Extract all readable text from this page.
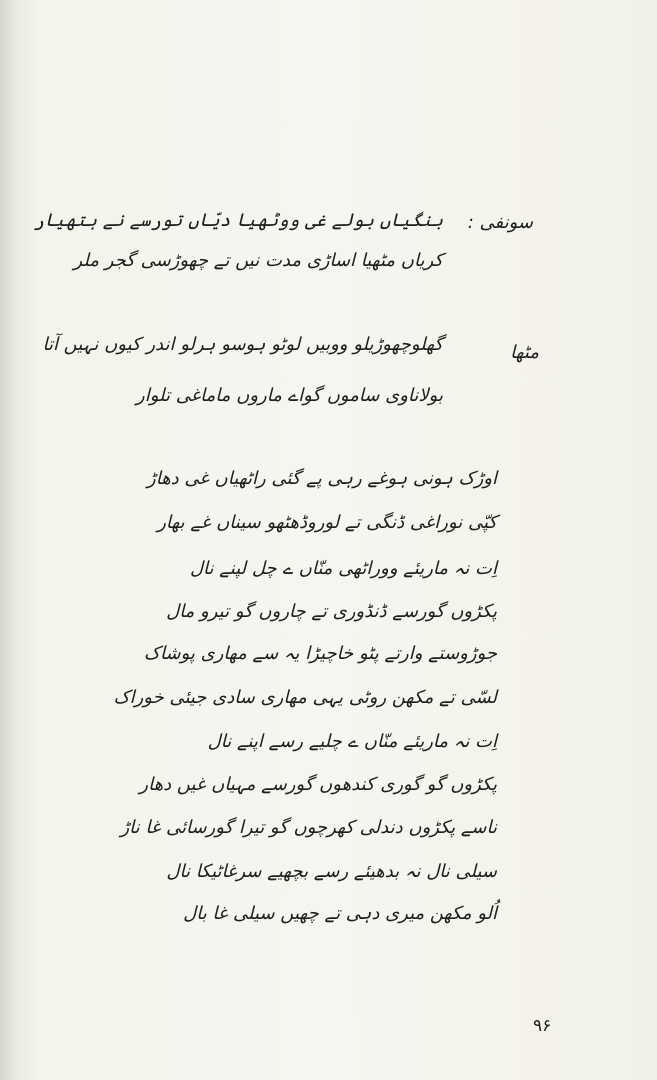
سونفی :
بنگیاں بولے غی ووٹھیا دیّاں تورسے نے ہتھیار
کریاں مٹھیا اساڑی مدت نیں تے چھوڑسی گجر ملر
مٹھا
گھلوچھوڑیلو ووبیں لوٹو ہوسو ہرلو اندر کیوں نہیں آتا
بولاناوی ساموں گواے ماروں ماماغی تلوار
اوڑک ہونی ہوغے رہی پے گئی راٹھیاں غی دھاڑ
کپّی نوراغی ڈنگی تے لوروڈھٹھو سیناں غے بھار
اِت نہ ماریئے ووراٹھی منّاں ے چل لپنے نال
پکڑوں گورسے ڈنڈوری تے چاروں گو تیرو مال
جوڑوستے وارتے پٹو خاچیڑا یہ سے مھاری پوشاک
لسّی تے مکھن روٹی یہی مھاری سادی جیئی خوراک
اِت نہ ماریئے منّاں ے چلیے رسے اپنے نال
پکڑوں گو گوری کندھوں گورسے مہیاں غیں دھار
ناسے پکڑوں دندلی کھرچوں گو تیرا گورسائی غا ناڑ
سیلی نال نہ بدھیئے رسے بچھیے سرغاٹیکا نال
اُلو مکھن میری دہی تے چھیں سیلی غا بال
۹۶
